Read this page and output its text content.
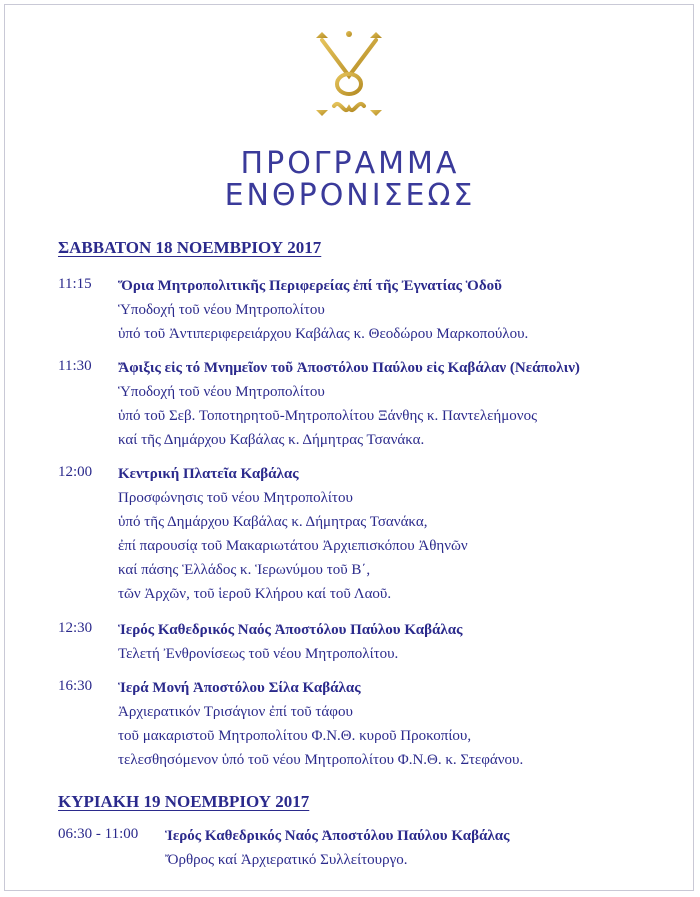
ΠΡΟΓΡΑΜΜΑ
ΕΝΘΡΟΝΙΣΕΩΣ
ΣΑΒΒΑΤΟΝ 18 ΝΟΕΜΒΡΙΟΥ 2017
11:15 Ὅρια Μητροπολιτικῆς Περιφερείας ἐπί τῆς Ἐγνατίας Ὁδοῦ
Ὑποδοχή τοῦ νέου Μητροπολίτου
ὑπό τοῦ Ἀντιπεριφερειάρχου Καβάλας κ. Θεοδώρου Μαρκοπούλου.
11:30 Ἄφιξις εἰς τό Μνημεῖον τοῦ Ἀποστόλου Παύλου εἰς Καβάλαν (Νεάπολιν)
Ὑποδοχή τοῦ νέου Μητροπολίτου
ὑπό τοῦ Σεβ. Τοποτηρητοῦ-Μητροπολίτου Ξάνθης κ. Παντελεήμονος
καί τῆς Δημάρχου Καβάλας κ. Δήμητρας Τσανάκα.
12:00 Κεντρική Πλατεῖα Καβάλας
Προσφώνησις τοῦ νέου Μητροπολίτου
ὑπό τῆς Δημάρχου Καβάλας κ. Δήμητρας Τσανάκα,
ἐπί παρουσίᾳ τοῦ Μακαριωτάτου Ἀρχιεπισκόπου Ἀθηνῶν
καί πάσης Ἑλλάδος κ. Ἱερωνύμου τοῦ Β΄,
τῶν Ἀρχῶν, τοῦ ἱεροῦ Κλήρου καί τοῦ Λαοῦ.
12:30 Ἱερός Καθεδρικός Ναός Ἀποστόλου Παύλου Καβάλας
Τελετή Ἐνθρονίσεως τοῦ νέου Μητροπολίτου.
16:30 Ἱερά Μονή Ἀποστόλου Σίλα Καβάλας
Ἀρχιερατικόν Τρισάγιον ἐπί τοῦ τάφου
τοῦ μακαριστοῦ Μητροπολίτου Φ.Ν.Θ. κυροῦ Προκοπίου,
τελεσθησόμενον ὑπό τοῦ νέου Μητροπολίτου Φ.Ν.Θ. κ. Στεφάνου.
ΚΥΡΙΑΚΗ 19 ΝΟΕΜΒΡΙΟΥ 2017
06:30 - 11:00 Ἱερός Καθεδρικός Ναός Ἀποστόλου Παύλου Καβάλας
Ὄρθρος καί Ἀρχιερατικό Συλλείτουργο.
